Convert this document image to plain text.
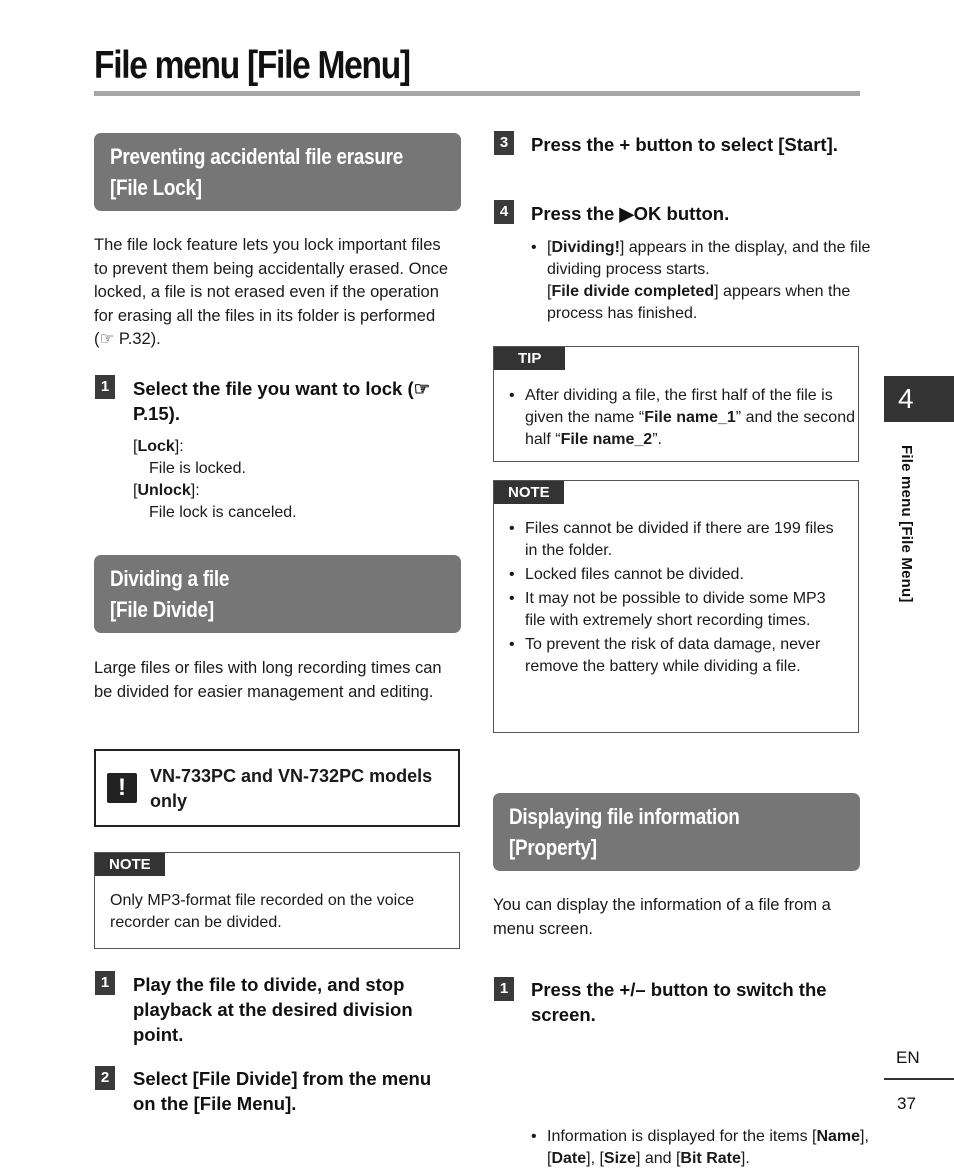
File menu [File Menu]
Preventing accidental file erasure
[File Lock]
The file lock feature lets you lock important files to prevent them being accidentally erased. Once locked, a file is not erased even if the operation for erasing all the files in its folder is performed (☞ P.32).
1	Select the file you want to lock (☞ P.15).
[Lock]:
File is locked.
[Unlock]:
File lock is canceled.
Dividing a file
[File Divide]
Large files or files with long recording times can be divided for easier management and editing.
!	VN-733PC and VN-732PC models only
NOTE
Only MP3-format file recorded on the voice recorder can be divided.
1	Play the file to divide, and stop playback at the desired division point.
2	Select [File Divide] from the menu on the [File Menu].
3	Press the + button to select [Start].
4	Press the ▶OK button.
• [Dividing!] appears in the display, and the file dividing process starts.
[File divide completed] appears when the process has finished.
TIP
• After dividing a file, the first half of the file is given the name “File name_1” and the second half “File name_2”.
NOTE
• Files cannot be divided if there are 199 files in the folder.
• Locked files cannot be divided.
• It may not be possible to divide some MP3 file with extremely short recording times.
• To prevent the risk of data damage, never remove the battery while dividing a file.
Displaying file information
[Property]
You can display the information of a file from a menu screen.
1	Press the +/– button to switch the screen.
• Information is displayed for the items [Name], [Date], [Size] and [Bit Rate].
4
File menu [File Menu]
EN
37
